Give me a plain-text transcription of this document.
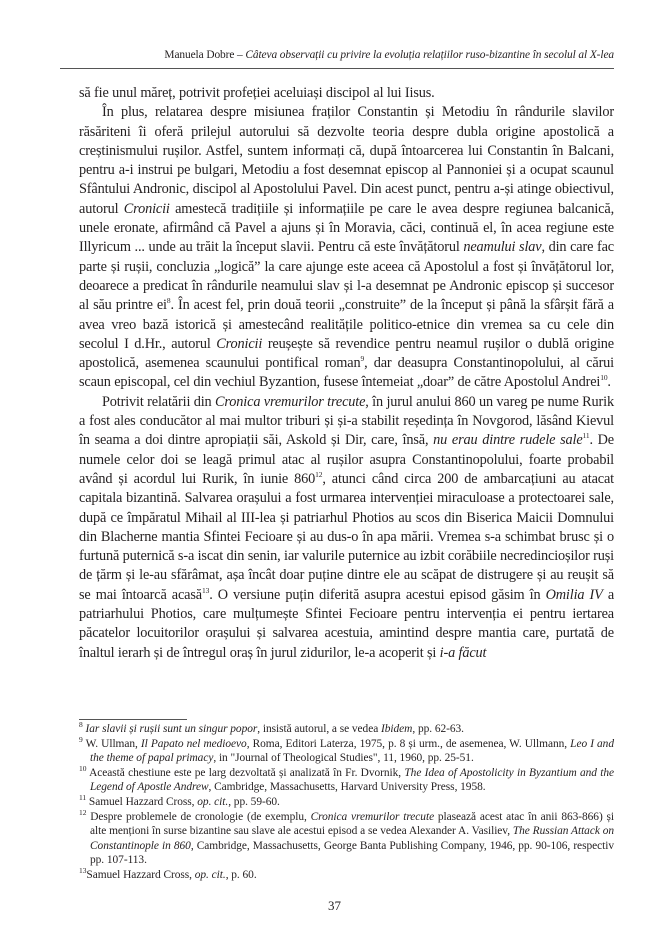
Manuela Dobre – Câteva observații cu privire la evoluția relațiilor ruso-bizantine în secolul al X-lea

să fie unul măreț, potrivit profeției aceluiași discipol al lui Iisus.

În plus, relatarea despre misiunea fraților Constantin și Metodiu în rândurile slavilor răsăriteni îi oferă prilejul autorului să dezvolte teoria despre dubla origine apostolică a creștinismului rușilor. Astfel, suntem informați că, după întoarcerea lui Constantin în Balcani, pentru a-i instrui pe bulgari, Metodiu a fost desemnat episcop al Pannoniei și a ocupat scaunul Sfântului Andronic, discipol al Apostolului Pavel. Din acest punct, pentru a-și atinge obiectivul, autorul Cronicii amestecă tradițiile și informațiile pe care le avea despre regiunea balcanică, unele eronate, afirmând că Pavel a ajuns și în Moravia, căci, continuă el, în acea regiune este Illyricum ... unde au trăit la început slavii. Pentru că este învățătorul neamului slav, din care fac parte și rușii, concluzia „logică” la care ajunge este aceea că Apostolul a fost și învățătorul lor, deoarece a predicat în rândurile neamului slav și l-a desemnat pe Andronic episcop și succesor al său printre $ei^8$. În acest fel, prin două teorii „construite” de la început și până la sfârșit fără a avea vreo bază istorică și amestecând realitățile politico-etnice din vremea sa cu cele din secolul I d.Hr., autorul Cronicii reușește să revendice pentru neamul rușilor o dublă origine apostolică, asemenea scaunului pontifical roman$^9$, dar deasupra Constantinopolului, al cărui scaun episcopal, cel din vechiul Byzantion, fusese întemeiat „doar” de către Apostolul Andrei$^{10}$.

Potrivit relatării din Cronica vremurilor trecute, în jurul anului 860 un vareg pe nume Rurik a fost ales conducător al mai multor triburi și și-a stabilit reședința în Novgorod, lăsând Kievul în seama a doi dintre apropiații săi, Askold și Dir, care, însă, nu erau dintre rudele sale$^{11}$. De numele celor doi se leagă primul atac al rușilor asupra Constantinopolului, foarte probabil având și acordul lui Rurik, în iunie $860^{12}$, atunci când circa 200 de ambarcațiuni au atacat capitala bizantină. Salvarea orașului a fost urmarea intervenției miraculoase a protectoarei sale, după ce împăratul Mihail al III-lea și patriarhul Photios au scos din Biserica Maicii Domnului din Blacherne mantia Sfintei Fecioare și au dus-o în apa mării. Vremea s-a schimbat brusc și o furtună puternică s-a iscat din senin, iar valurile puternice au izbit corăbiile necredincioșilor ruși de țărm și le-au sfărâmat, așa încât doar puține dintre ele au scăpat de distrugere și au reușit să se mai întoarcă acasă$^{13}$. O versiune puțin diferită asupra acestui episod găsim în Omilia IV a patriarhului Photios, care mulțumește Sfintei Fecioare pentru intervenția ei pentru iertarea păcatelor locuitorilor orașului și salvarea acestuia, amintind despre mantia care, purtată de înaltul ierarh și de întregul oraș în jurul zidurilor, le-a acoperit și i-a făcut

$^8$ Iar slavii și rușii sunt un singur popor, insistă autorul, a se vedea Ibidem, pp. 62-63.

$^9$ W. Ullman, Il Papato nel medioevo, Roma, Editori Laterza, 1975, p. 8 și urm., de asemenea, W. Ullmann, Leo I and the theme of papal primacy, in "Journal of Theological Studies", 11, 1960, pp. 25-51.

$^{10}$ Această chestiune este pe larg dezvoltată și analizată în Fr. Dvornik, The Idea of Apostolicity in Byzantium and the Legend of Apostle Andrew, Cambridge, Massachusetts, Harvard University Press, 1958.

$^{11}$ Samuel Hazzard Cross, op. cit., pp. 59-60.

$^{12}$ Despre problemele de cronologie (de exemplu, Cronica vremurilor trecute plasează acest atac în anii 863-866) și alte menționi în surse bizantine sau slave ale acestui episod a se vedea Alexander A. Vasiliev, The Russian Attack on Constantinople in 860, Cambridge, Massachusetts, George Banta Publishing Company, 1946, pp. 90-106, respectiv pp. 107-113.

$^{13}$Samuel Hazzard Cross, op. cit., p. 60.

37
